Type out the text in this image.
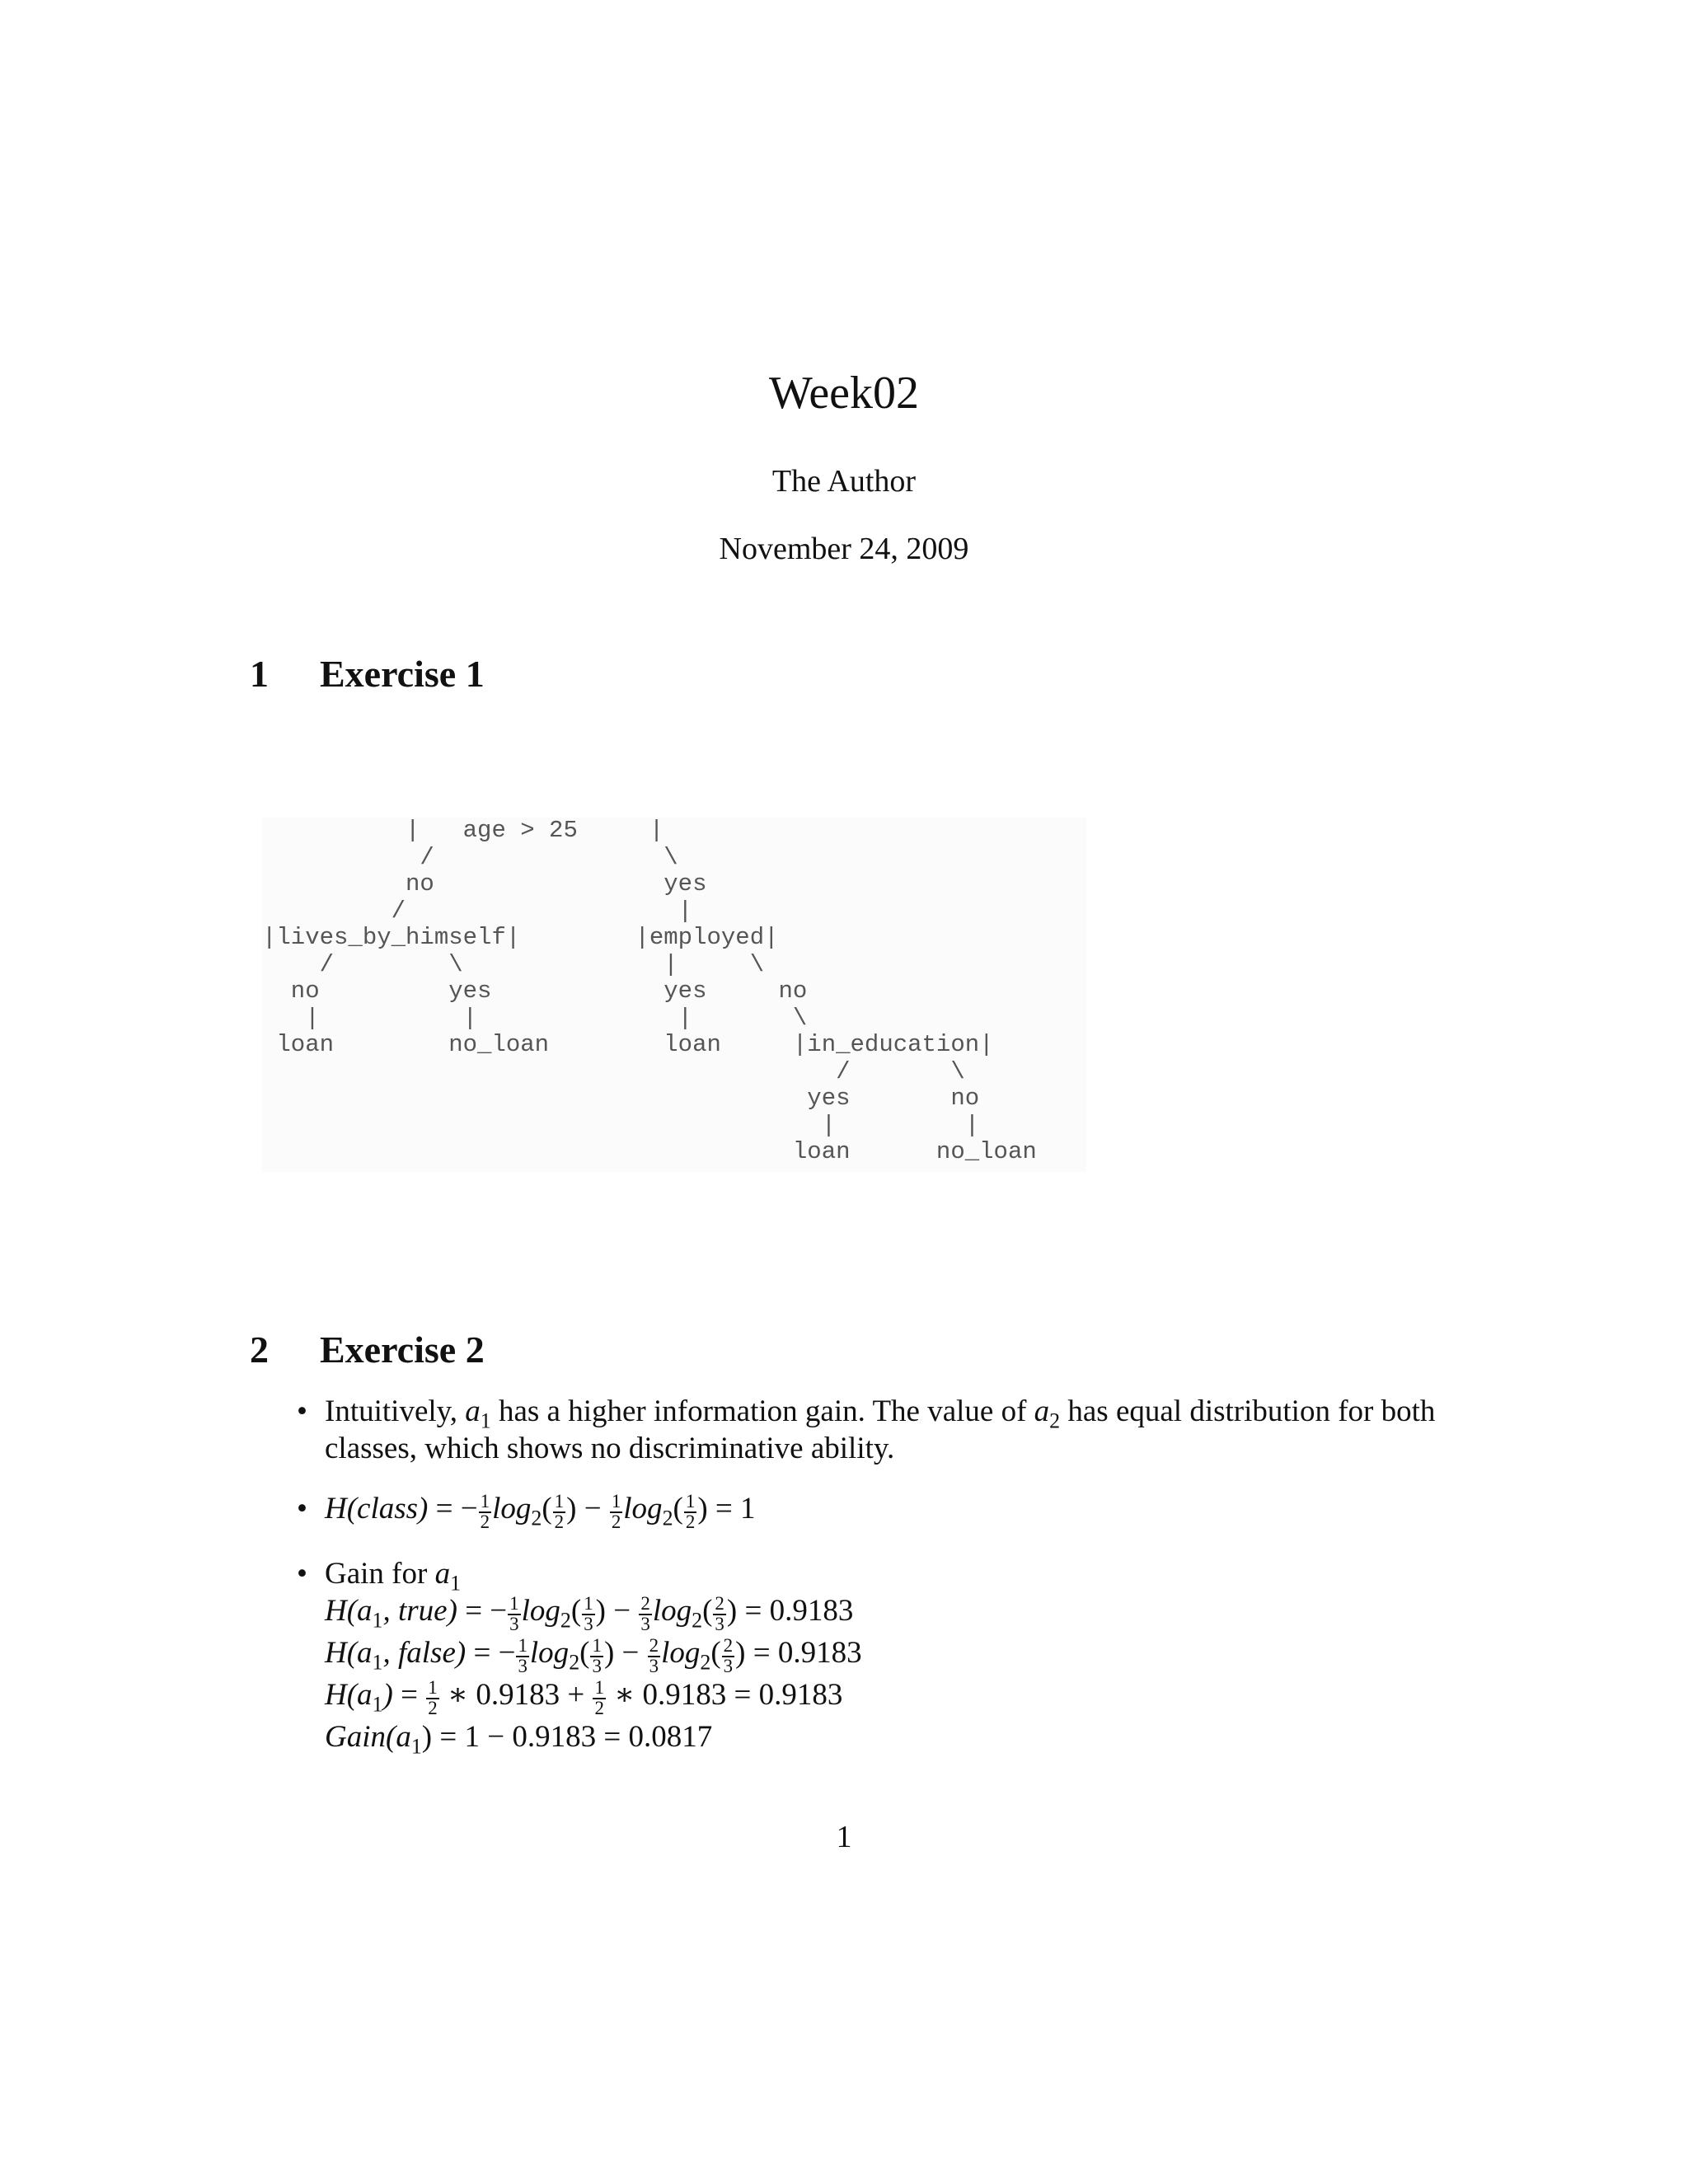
Week02
The Author
November 24, 2009
1 Exercise 1
|   age > 25     |
/                \
no                yes
/                   |
|lives_by_himself|        |employed|
/        \              |     \
no         yes            yes     no
|          |              |       \
loan        no_loan        loan     |in_education|
/       \
yes       no
|         |
loan      no_loan
2 Exercise 2
• Intuitively, $a_1$ has a higher information gain. The value of $a_2$ has equal distribution for both classes, which shows no discriminative ability.
• H(class) = − $\frac{1}{2} \log_2( \frac{1}{2}$ ) − $\frac{1}{2} \log_2( \frac{1}{2}$ ) = 1
• Gain for $a_1$
$H(a_1$, true) = − $\frac{1}{3} \log_2( \frac{1}{3}$ ) − $\frac{2}{3} \log_2( \frac{2}{3}$ ) = 0.9183
$H(a_1$, false) = − $\frac{1}{3} \log_2( \frac{1}{3}$ ) − $\frac{2}{3} \log_2( \frac{2}{3}$ ) = 0.9183
$H(a_1) = \frac{1}{2}$ ∗ $0.9183 + \frac{1}{2}$ ∗ 0.9183 = 0.9183
$Gain(a_1) = 1 - 0.9183 = 0.0817$
1
